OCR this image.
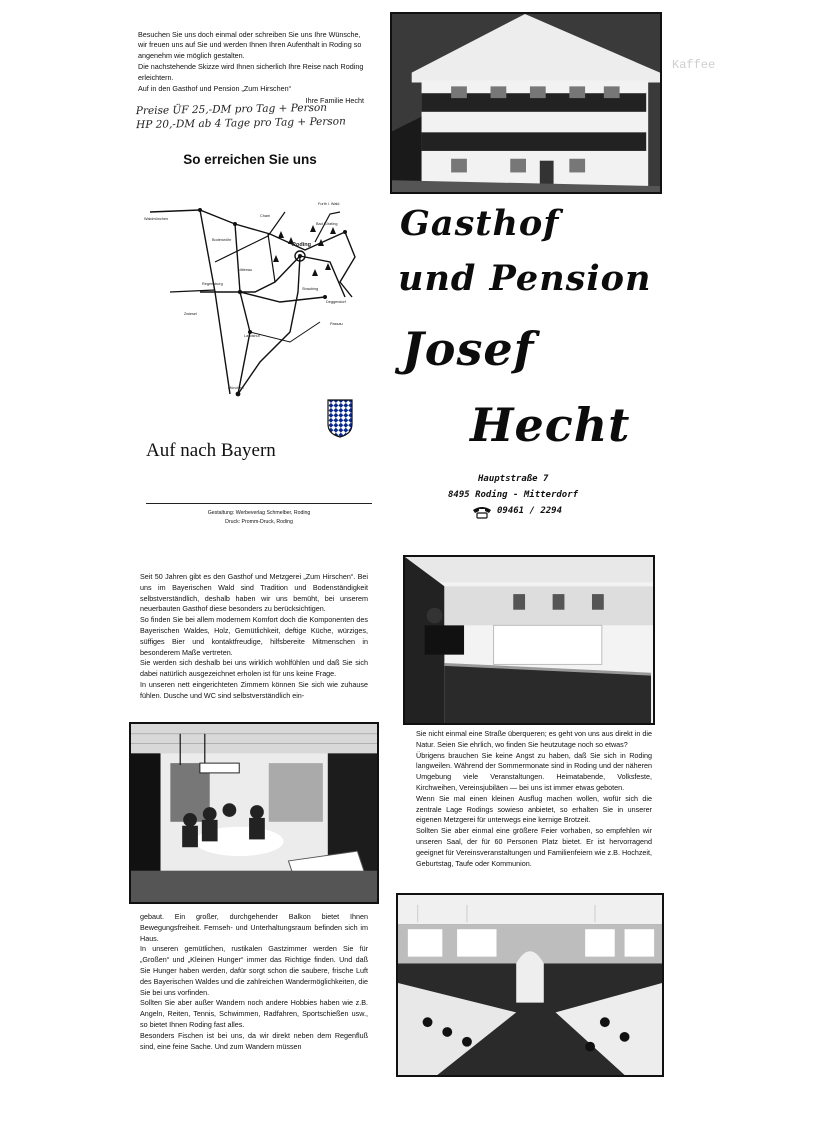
Kaffee

Besuchen Sie uns doch einmal oder schreiben Sie uns Ihre Wünsche, wir freuen uns auf Sie und werden Ihnen Ihren Aufenthalt in Roding so angenehm wie möglich gestalten.

Die nachstehende Skizze wird Ihnen sicherlich Ihre Reise nach Roding erleichtern.

Auf in den Gasthof und Pension „Zum Hirschen“

Ihre Familie Hecht

Preise ÜF 25,-DM pro Tag + Person
HP 20,-DM ab 4 Tage pro Tag + Person
So erreichen Sie uns
Waldmünchen
Furth i. Wald
Cham
Roding
Bodenwöhr
Nittenau
Regensburg
Straubing
Deggendorf
Passau
München
Landshut
Bad Kötzting
Zwiesel
Auf nach Bayern
Gestaltung: Werbeverlag Schmelber, Roding
Druck: Promm-Druck, Roding
Gasthof
und Pension
Josef
Hecht
Hauptstraße 7
8495 Roding - Mitterdorf
09461 / 2294

Seit 50 Jahren gibt es den Gasthof und Metzgerei „Zum Hirschen“. Bei uns im Bayerischen Wald sind Tradition und Bodenständigkeit selbstverständlich, deshalb haben wir uns bemüht, bei unserem neuerbauten Gasthof diese besonders zu berücksichtigen.

So finden Sie bei allem modernem Komfort doch die Komponenten des Bayerischen Waldes, Holz, Gemütlichkeit, deftige Küche, würziges, süffiges Bier und kontaktfreudige, hilfsbereite Mitmenschen in besonderem Maße vertreten.

Sie werden sich deshalb bei uns wirklich wohlfühlen und daß Sie sich dabei natürlich ausgezeichnet erholen ist für uns keine Frage.

In unseren nett eingerichteten Zimmern können Sie sich wie zuhause fühlen. Dusche und WC sind selbstverständlich ein-

Sie nicht einmal eine Straße überqueren; es geht von uns aus direkt in die Natur. Seien Sie ehrlich, wo finden Sie heutzutage noch so etwas?

Übrigens brauchen Sie keine Angst zu haben, daß Sie sich in Roding langweilen. Während der Sommermonate sind in Roding und der näheren Umgebung viele Veranstaltungen. Heimatabende, Volksfeste, Kirchweihen, Vereinsjubiläen — bei uns ist immer etwas geboten.

Wenn Sie mal einen kleinen Ausflug machen wollen, wofür sich die zentrale Lage Rodings sowieso anbietet, so erhalten Sie in unserer eigenen Metzgerei für unterwegs eine kernige Brotzeit.

Sollten Sie aber einmal eine größere Feier vorhaben, so empfehlen wir unseren Saal, der für 60 Personen Platz bietet. Er ist hervorragend geeignet für Vereinsveranstaltungen und Familienfeiern wie z.B. Hochzeit, Geburtstag, Taufe oder Kommunion.

gebaut. Ein großer, durchgehender Balkon bietet Ihnen Bewegungsfreiheit. Fernseh- und Unterhaltungsraum befinden sich im Haus.

In unseren gemütlichen, rustikalen Gastzimmer werden Sie für „Großen“ und „Kleinen Hunger“ immer das Richtige finden. Und daß Sie Hunger haben werden, dafür sorgt schon die saubere, frische Luft des Bayerischen Waldes und die zahlreichen Wandermöglichkeiten, die Sie bei uns vorfinden.

Sollten Sie aber außer Wandern noch andere Hobbies haben wie z.B. Angeln, Reiten, Tennis, Schwimmen, Radfahren, Sportschießen usw., so bietet Ihnen Roding fast alles.

Besonders Fischen ist bei uns, da wir direkt neben dem Regenfluß sind, eine feine Sache. Und zum Wandern müssen
